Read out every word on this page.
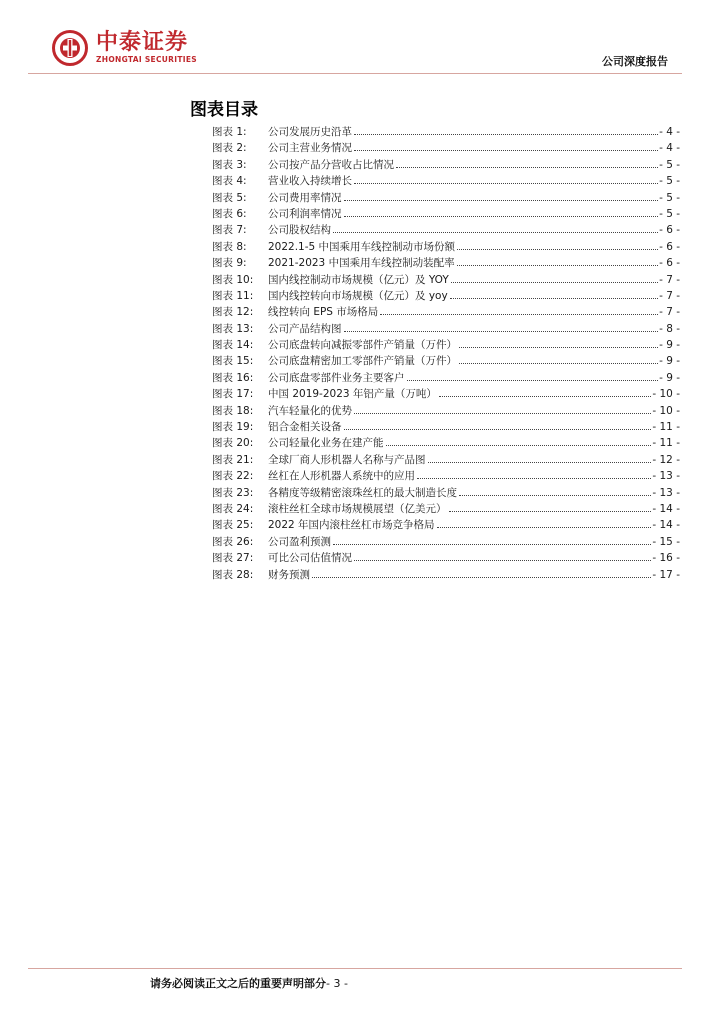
中泰证券
ZHONGTAI SECURITIES	公司深度报告
图表目录
图表 1:	公司发展历史沿革	- 4 -
图表 2:	公司主营业务情况	- 4 -
图表 3:	公司按产品分营收占比情况	- 5 -
图表 4:	营业收入持续增长	- 5 -
图表 5:	公司费用率情况	- 5 -
图表 6:	公司利润率情况	- 5 -
图表 7:	公司股权结构	- 6 -
图表 8:	2022.1-5 中国乘用车线控制动市场份额	- 6 -
图表 9:	2021-2023 中国乘用车线控制动装配率	- 6 -
图表 10:	国内线控制动市场规模（亿元）及 YOY	- 7 -
图表 11:	国内线控转向市场规模（亿元）及 yoy	- 7 -
图表 12:	线控转向 EPS 市场格局	- 7 -
图表 13:	公司产品结构图	- 8 -
图表 14:	公司底盘转向减振零部件产销量（万件）	- 9 -
图表 15:	公司底盘精密加工零部件产销量（万件）	- 9 -
图表 16:	公司底盘零部件业务主要客户	- 9 -
图表 17:	中国 2019-2023 年铝产量（万吨）	- 10 -
图表 18:	汽车轻量化的优势	- 10 -
图表 19:	铝合金相关设备	- 11 -
图表 20:	公司轻量化业务在建产能	- 11 -
图表 21:	全球厂商人形机器人名称与产品图	- 12 -
图表 22:	丝杠在人形机器人系统中的应用	- 13 -
图表 23:	各精度等级精密滚珠丝杠的最大制造长度	- 13 -
图表 24:	滚柱丝杠全球市场规模展望（亿美元）	- 14 -
图表 25:	2022 年国内滚柱丝杠市场竞争格局	- 14 -
图表 26:	公司盈利预测	- 15 -
图表 27:	可比公司估值情况	- 16 -
图表 28:	财务预测	- 17 -
请务必阅读正文之后的重要声明部分- 3 -
